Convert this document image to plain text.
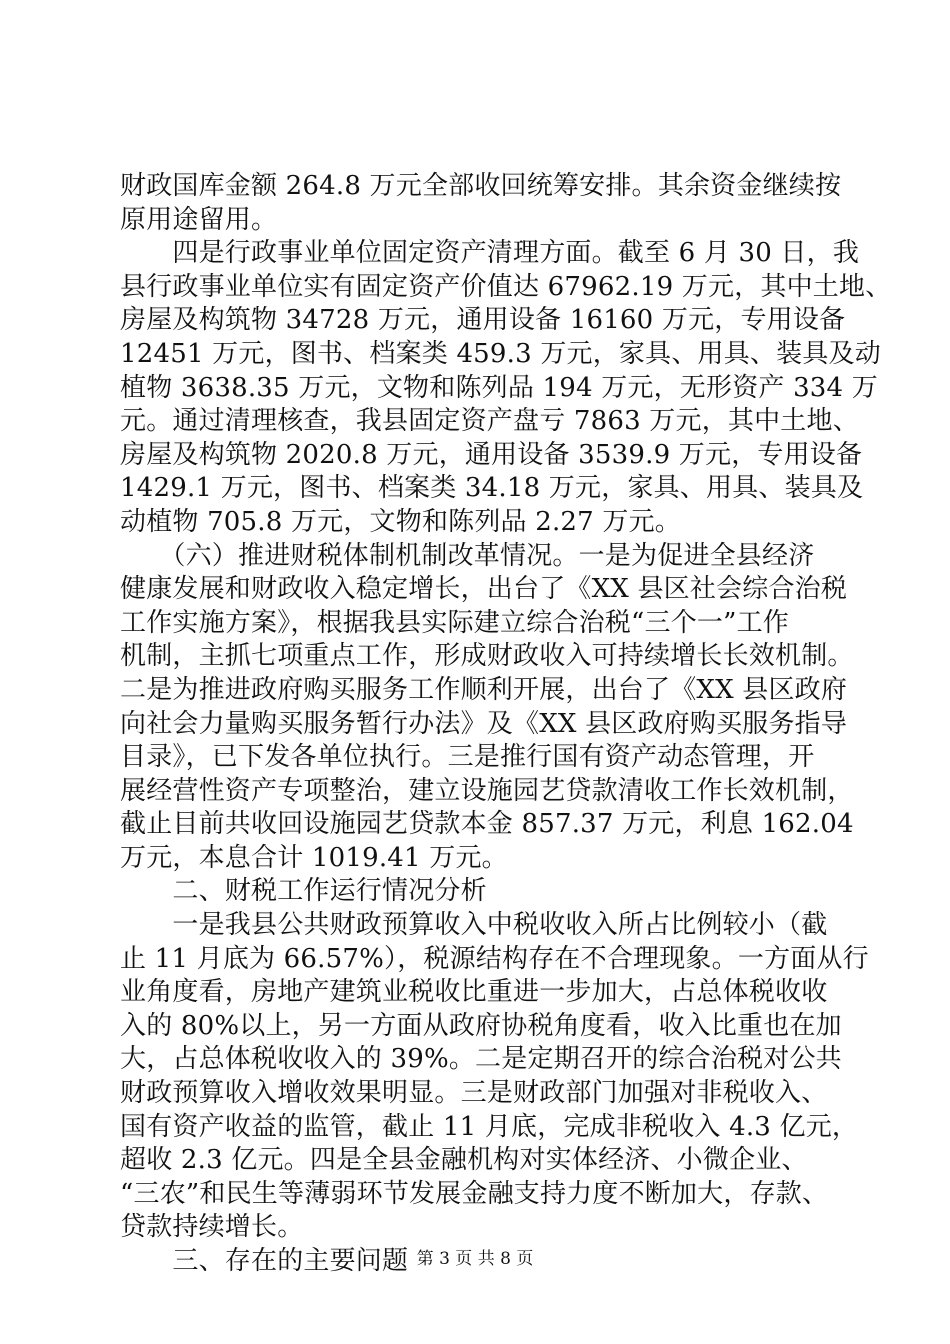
财政国库金额 264.8 万元全部收回统筹安排。其余资金继续按
原用途留用。
　　四是行政事业单位固定资产清理方面。截至 6 月 30 日，我
县行政事业单位实有固定资产价值达 67962.19 万元，其中土地、
房屋及构筑物 34728 万元，通用设备 16160 万元，专用设备
12451 万元，图书、档案类 459.3 万元，家具、用具、装具及动
植物 3638.35 万元，文物和陈列品 194 万元，无形资产 334 万
元。通过清理核查，我县固定资产盘亏 7863 万元，其中土地、
房屋及构筑物 2020.8 万元，通用设备 3539.9 万元，专用设备
1429.1 万元，图书、档案类 34.18 万元，家具、用具、装具及
动植物 705.8 万元，文物和陈列品 2.27 万元。
　　（六）推进财税体制机制改革情况。一是为促进全县经济
健康发展和财政收入稳定增长，出台了《XX 县区社会综合治税
工作实施方案》，根据我县实际建立综合治税“三个一”工作
机制，主抓七项重点工作，形成财政收入可持续增长长效机制。
二是为推进政府购买服务工作顺利开展，出台了《XX 县区政府
向社会力量购买服务暂行办法》及《XX 县区政府购买服务指导
目录》，已下发各单位执行。三是推行国有资产动态管理，开
展经营性资产专项整治，建立设施园艺贷款清收工作长效机制，
截止目前共收回设施园艺贷款本金 857.37 万元，利息 162.04
万元，本息合计 1019.41 万元。
　　二、财税工作运行情况分析
　　一是我县公共财政预算收入中税收收入所占比例较小（截
止 11 月底为 66.57%），税源结构存在不合理现象。一方面从行
业角度看，房地产建筑业税收比重进一步加大，占总体税收收
入的 80%以上，另一方面从政府协税角度看，收入比重也在加
大，占总体税收收入的 39%。二是定期召开的综合治税对公共
财政预算收入增收效果明显。三是财政部门加强对非税收入、
国有资产收益的监管，截止 11 月底，完成非税收入 4.3 亿元，
超收 2.3 亿元。四是全县金融机构对实体经济、小微企业、
“三农”和民生等薄弱环节发展金融支持力度不断加大，存款、
贷款持续增长。
　　三、存在的主要问题 第 3 页 共 8 页
